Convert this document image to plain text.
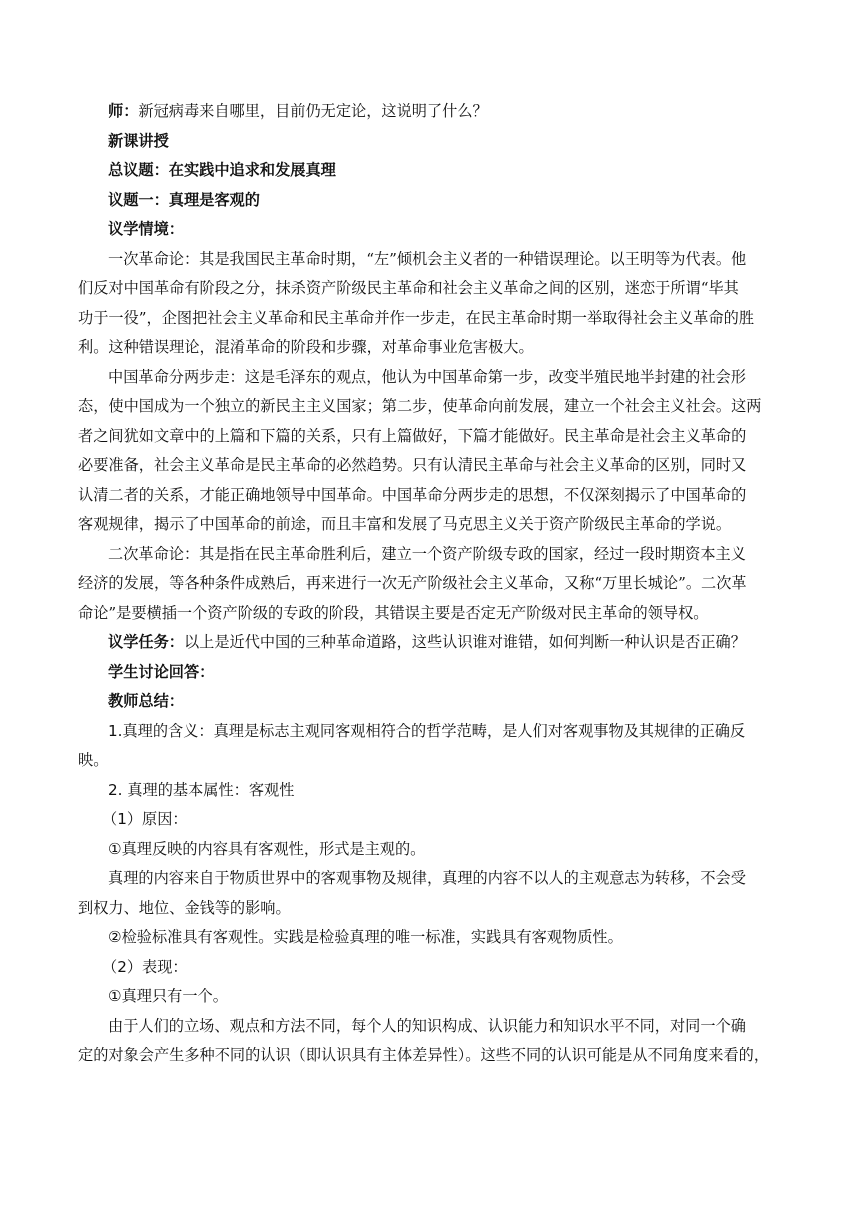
师：新冠病毒来自哪里，目前仍无定论，这说明了什么？
新课讲授
总议题：在实践中追求和发展真理
议题一：真理是客观的
议学情境：
一次革命论：其是我国民主革命时期，“左”倾机会主义者的一种错误理论。以王明等为代表。他
们反对中国革命有阶段之分，抹杀资产阶级民主革命和社会主义革命之间的区别，迷恋于所谓“毕其
功于一役”，企图把社会主义革命和民主革命并作一步走，在民主革命时期一举取得社会主义革命的胜
利。这种错误理论，混淆革命的阶段和步骤，对革命事业危害极大。
中国革命分两步走：这是毛泽东的观点，他认为中国革命第一步，改变半殖民地半封建的社会形
态，使中国成为一个独立的新民主主义国家；第二步，使革命向前发展，建立一个社会主义社会。这两
者之间犹如文章中的上篇和下篇的关系，只有上篇做好，下篇才能做好。民主革命是社会主义革命的
必要准备，社会主义革命是民主革命的必然趋势。只有认清民主革命与社会主义革命的区别，同时又
认清二者的关系，才能正确地领导中国革命。中国革命分两步走的思想，不仅深刻揭示了中国革命的
客观规律，揭示了中国革命的前途，而且丰富和发展了马克思主义关于资产阶级民主革命的学说。
二次革命论：其是指在民主革命胜利后，建立一个资产阶级专政的国家，经过一段时期资本主义
经济的发展，等各种条件成熟后，再来进行一次无产阶级社会主义革命，又称“万里长城论”。二次革
命论”是要横插一个资产阶级的专政的阶段，其错误主要是否定无产阶级对民主革命的领导权。
议学任务：以上是近代中国的三种革命道路，这些认识谁对谁错，如何判断一种认识是否正确？
学生讨论回答：
教师总结：
1.真理的含义：真理是标志主观同客观相符合的哲学范畴，是人们对客观事物及其规律的正确反
映。
2. 真理的基本属性：客观性
（1）原因：
①真理反映的内容具有客观性，形式是主观的。
真理的内容来自于物质世界中的客观事物及规律，真理的内容不以人的主观意志为转移，不会受
到权力、地位、金钱等的影响。
②检验标准具有客观性。实践是检验真理的唯一标准，实践具有客观物质性。
（2）表现：
①真理只有一个。
由于人们的立场、观点和方法不同，每个人的知识构成、认识能力和知识水平不同，对同一个确
定的对象会产生多种不同的认识（即认识具有主体差异性）。这些不同的认识可能是从不同角度来看的，
